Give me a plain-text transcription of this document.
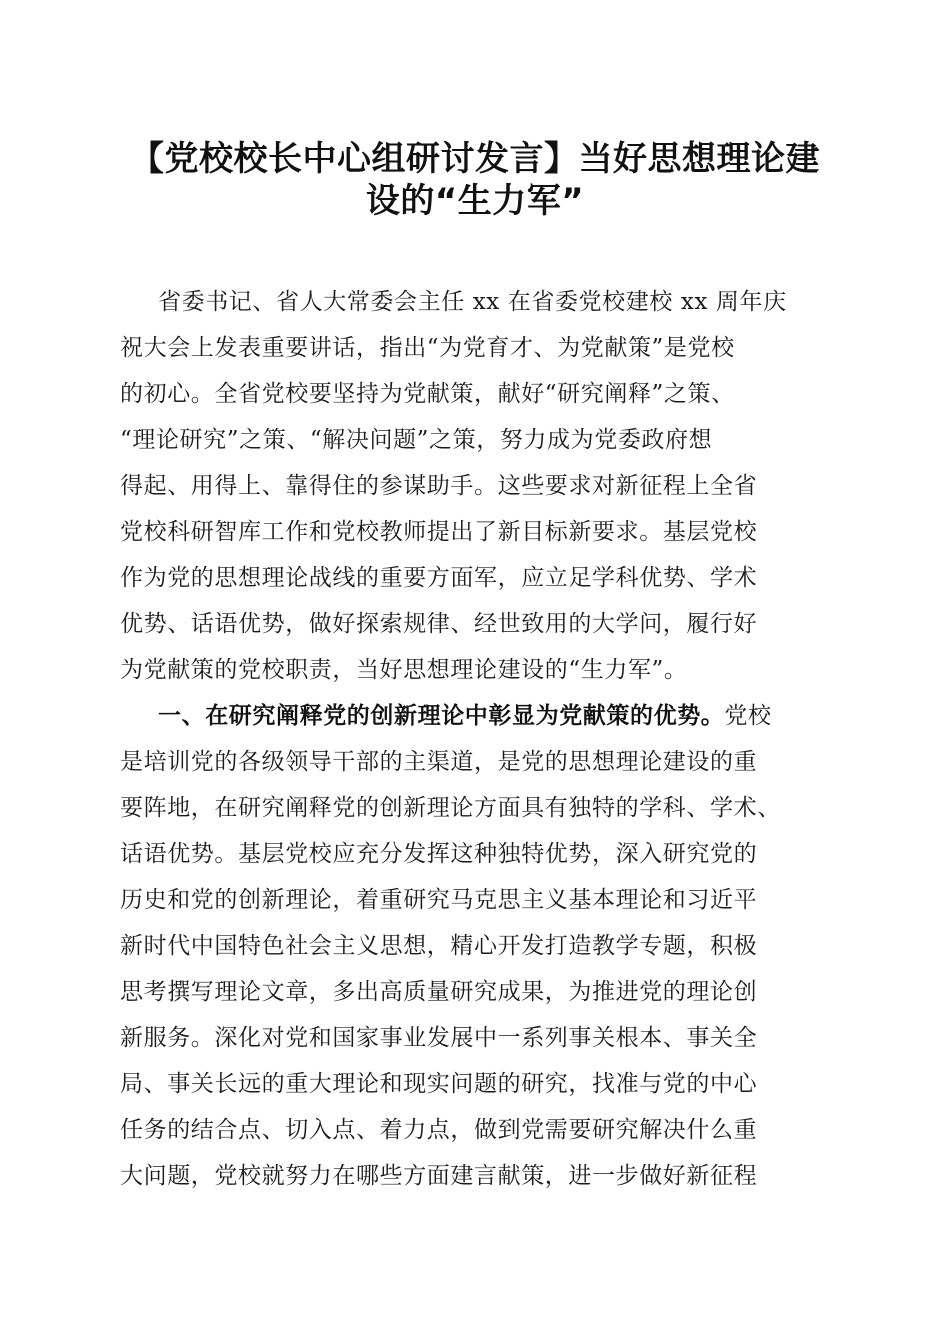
【党校校长中心组研讨发言】当好思想理论建
设的“生力军”
省委书记、省人大常委会主任 xx 在省委党校建校 xx 周年庆
祝大会上发表重要讲话，指出“为党育才、为党献策”是党校
的初心。全省党校要坚持为党献策，献好“研究阐释”之策、
“理论研究”之策、“解决问题”之策，努力成为党委政府想
得起、用得上、靠得住的参谋助手。这些要求对新征程上全省
党校科研智库工作和党校教师提出了新目标新要求。基层党校
作为党的思想理论战线的重要方面军，应立足学科优势、学术
优势、话语优势，做好探索规律、经世致用的大学问，履行好
为党献策的党校职责，当好思想理论建设的“生力军”。
一、在研究阐释党的创新理论中彰显为党献策的优势。党校
是培训党的各级领导干部的主渠道，是党的思想理论建设的重
要阵地，在研究阐释党的创新理论方面具有独特的学科、学术、
话语优势。基层党校应充分发挥这种独特优势，深入研究党的
历史和党的创新理论，着重研究马克思主义基本理论和习近平
新时代中国特色社会主义思想，精心开发打造教学专题，积极
思考撰写理论文章，多出高质量研究成果，为推进党的理论创
新服务。深化对党和国家事业发展中一系列事关根本、事关全
局、事关长远的重大理论和现实问题的研究，找准与党的中心
任务的结合点、切入点、着力点，做到党需要研究解决什么重
大问题，党校就努力在哪些方面建言献策，进一步做好新征程
